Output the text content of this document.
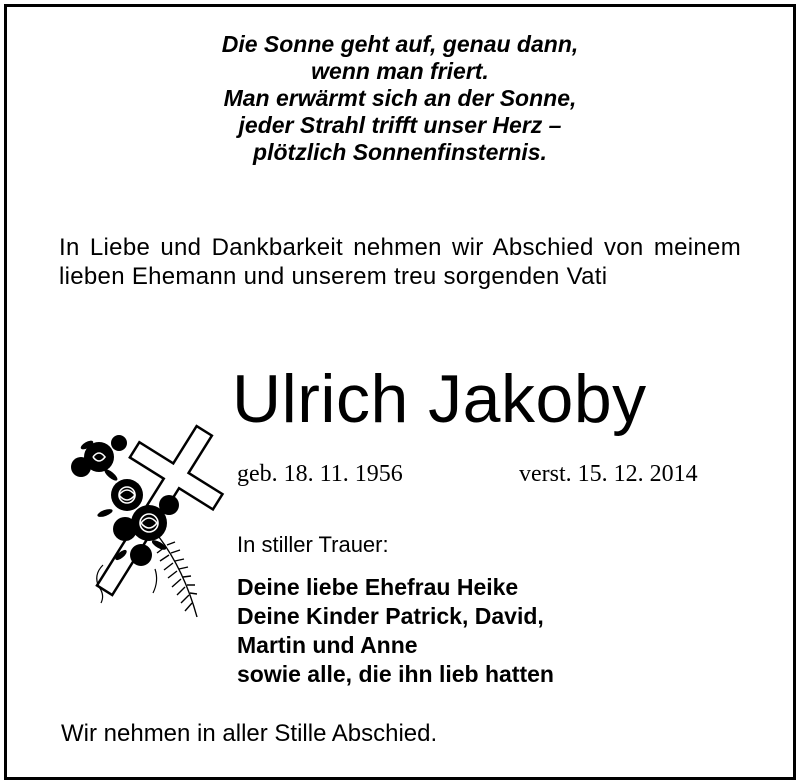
Die Sonne geht auf, genau dann,
wenn man friert.
Man erwärmt sich an der Sonne,
jeder Strahl trifft unser Herz –
plötzlich Sonnenfinsternis.
In Liebe und Dankbarkeit nehmen wir Abschied von meinem lieben Ehemann und unserem treu sorgenden Vati
Ulrich Jakoby
geb. 18. 11. 1956	verst. 15. 12. 2014
In stiller Trauer:
Deine liebe Ehefrau Heike
Deine Kinder Patrick, David,
Martin und Anne
sowie alle, die ihn lieb hatten
Wir nehmen in aller Stille Abschied.
